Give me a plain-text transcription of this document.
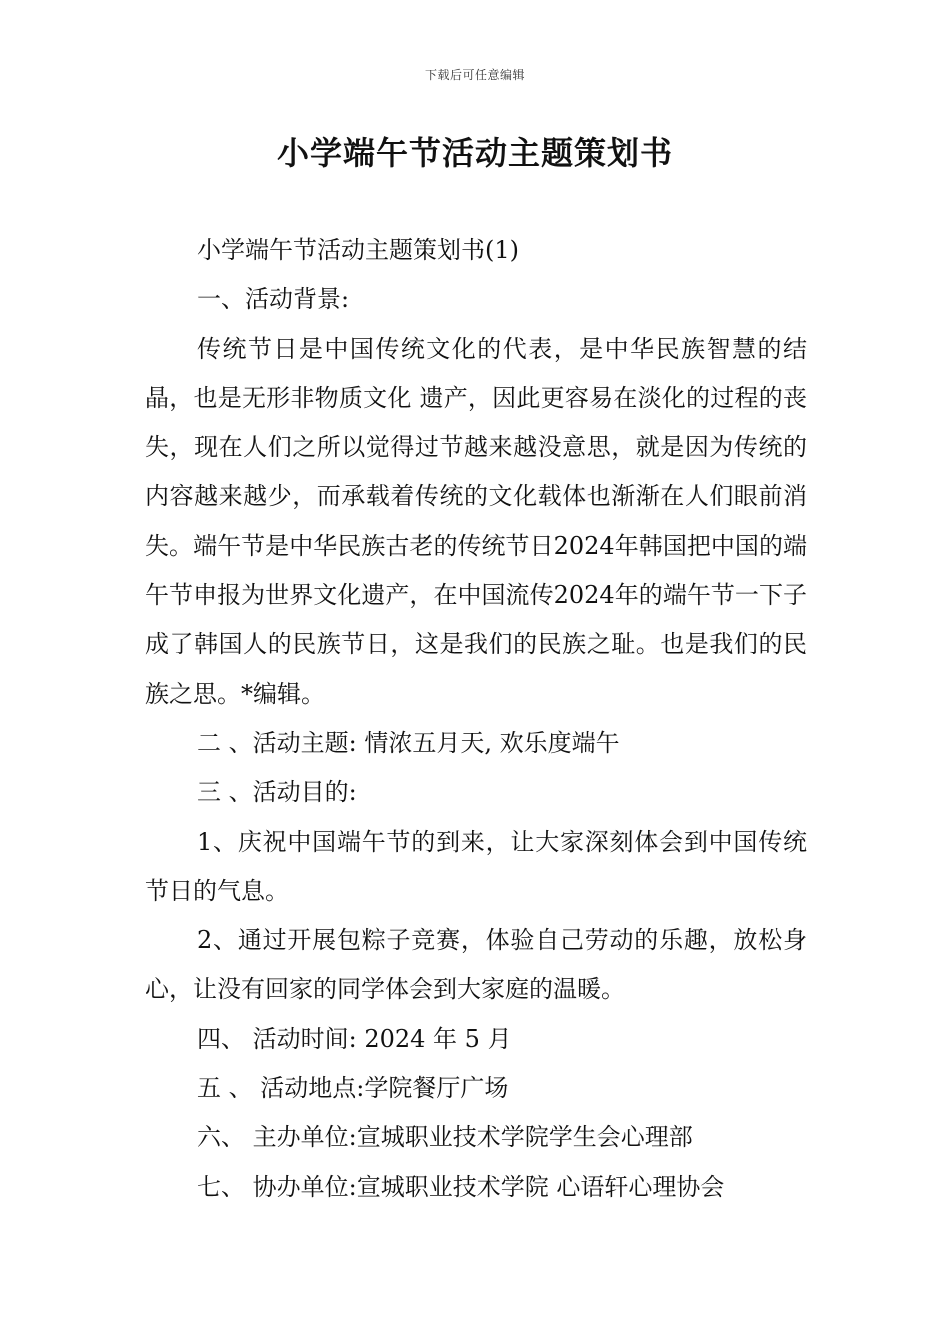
下载后可任意编辑
小学端午节活动主题策划书

小学端午节活动主题策划书(1)

一、活动背景:

传统节日是中国传统文化的代表，是中华民族智慧的结晶，也是无形非物质文化 遗产，因此更容易在淡化的过程的丧失，现在人们之所以觉得过节越来越没意思，就是因为传统的内容越来越少，而承载着传统的文化载体也渐渐在人们眼前消 失。端午节是中华民族古老的传统节日2024年韩国把中国的端午节申报为世界文化遗产，在中国流传2024年的端午节一下子成了韩国人的民族节日，这是我们的民族之耻。也是我们的民族之思。*编辑。

二 、活动主题: 情浓五月天, 欢乐度端午

三 、活动目的:

1、庆祝中国端午节的到来，让大家深刻体会到中国传统节日的气息。

2、通过开展包粽子竞赛，体验自己劳动的乐趣，放松身心，让没有回家的同学体会到大家庭的温暖。

四、 活动时间: 2024 年 5 月

五 、 活动地点:学院餐厅广场

六、 主办单位:宣城职业技术学院学生会心理部

七、 协办单位:宣城职业技术学院 心语轩心理协会
